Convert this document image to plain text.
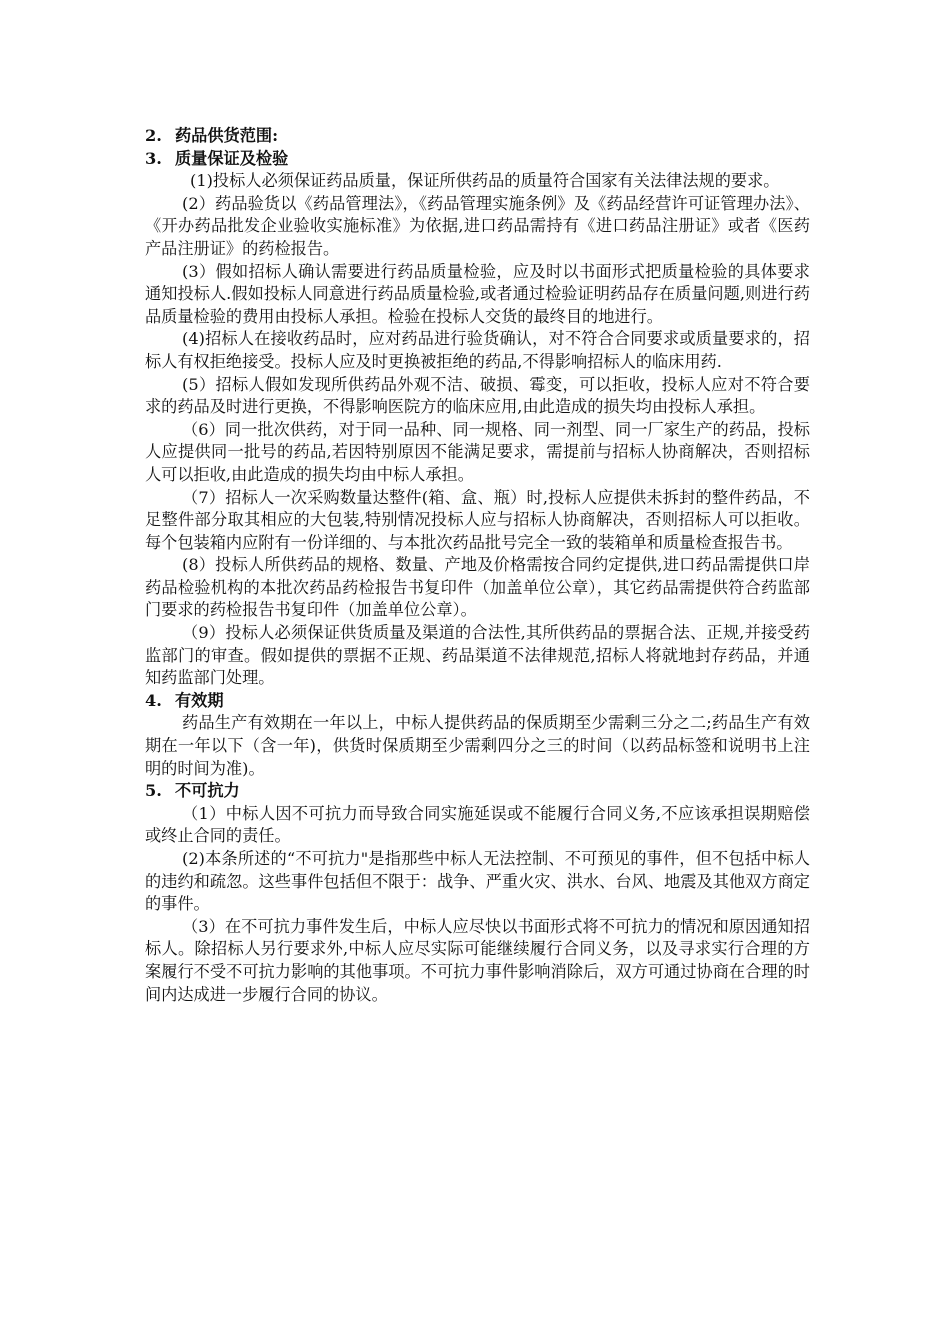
2. 药品供货范围:
3. 质量保证及检验

(1)投标人必须保证药品质量，保证所供药品的质量符合国家有关法律法规的要求。

(2）药品验货以《药品管理法》，《药品管理实施条例》及《药品经营许可证管理办法》、《开办药品批发企业验收实施标准》为依据,进口药品需持有《进口药品注册证》或者《医药产品注册证》的药检报告。

(3）假如招标人确认需要进行药品质量检验，应及时以书面形式把质量检验的具体要求通知投标人.假如投标人同意进行药品质量检验,或者通过检验证明药品存在质量问题,则进行药品质量检验的费用由投标人承担。检验在投标人交货的最终目的地进行。

(4)招标人在接收药品时，应对药品进行验货确认，对不符合合同要求或质量要求的，招标人有权拒绝接受。投标人应及时更换被拒绝的药品,不得影响招标人的临床用药.

(5）招标人假如发现所供药品外观不洁、破损、霉变，可以拒收，投标人应对不符合要求的药品及时进行更换，不得影响医院方的临床应用,由此造成的损失均由投标人承担。

（6）同一批次供药，对于同一品种、同一规格、同一剂型、同一厂家生产的药品，投标人应提供同一批号的药品,若因特别原因不能满足要求，需提前与招标人协商解决，否则招标人可以拒收,由此造成的损失均由中标人承担。

（7）招标人一次采购数量达整件(箱、盒、瓶）时,投标人应提供未拆封的整件药品，不足整件部分取其相应的大包装,特别情况投标人应与招标人协商解决，否则招标人可以拒收。每个包装箱内应附有一份详细的、与本批次药品批号完全一致的装箱单和质量检查报告书。

(8）投标人所供药品的规格、数量、产地及价格需按合同约定提供,进口药品需提供口岸药品检验机构的本批次药品药检报告书复印件（加盖单位公章），其它药品需提供符合药监部门要求的药检报告书复印件（加盖单位公章）。

（9）投标人必须保证供货质量及渠道的合法性,其所供药品的票据合法、正规,并接受药监部门的审查。假如提供的票据不正规、药品渠道不法律规范,招标人将就地封存药品，并通知药监部门处理。

4. 有效期

药品生产有效期在一年以上，中标人提供药品的保质期至少需剩三分之二;药品生产有效期在一年以下（含一年)，供货时保质期至少需剩四分之三的时间（以药品标签和说明书上注明的时间为准)。

5. 不可抗力

（1）中标人因不可抗力而导致合同实施延误或不能履行合同义务,不应该承担误期赔偿或终止合同的责任。

(2)本条所述的“不可抗力"是指那些中标人无法控制、不可预见的事件，但不包括中标人的违约和疏忽。这些事件包括但不限于：战争、严重火灾、洪水、台风、地震及其他双方商定的事件。

（3）在不可抗力事件发生后，中标人应尽快以书面形式将不可抗力的情况和原因通知招标人。除招标人另行要求外,中标人应尽实际可能继续履行合同义务，以及寻求实行合理的方案履行不受不可抗力影响的其他事项。不可抗力事件影响消除后，双方可通过协商在合理的时间内达成进一步履行合同的协议。
